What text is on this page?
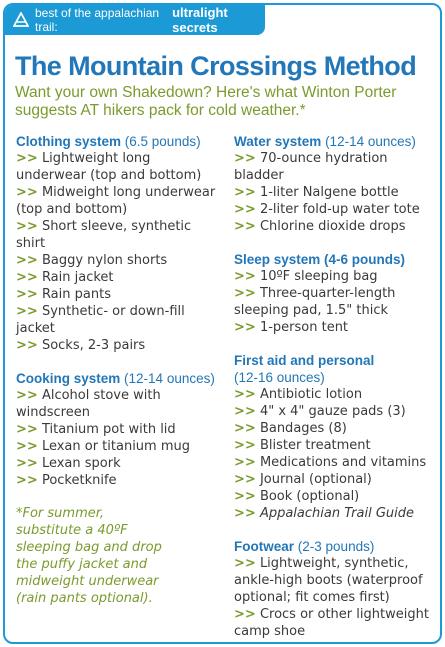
best of the appalachian trail:
ultralight secrets
The Mountain Crossings Method
Want your own Shakedown? Here's what Winton Porter suggests AT hikers pack for cold weather.*
Clothing system (6.5 pounds)
>> Lightweight long underwear (top and bottom)
>> Midweight long underwear (top and bottom)
>> Short sleeve, synthetic shirt
>> Baggy nylon shorts
>> Rain jacket
>> Rain pants
>> Synthetic- or down-fill jacket
>> Socks, 2-3 pairs
Cooking system (12-14 ounces)
>> Alcohol stove with windscreen
>> Titanium pot with lid
>> Lexan or titanium mug
>> Lexan spork
>> Pocketknife
*For summer, substitute a 40ºF sleeping bag and drop the puffy jacket and midweight underwear (rain pants optional).
Water system (12-14 ounces)
>> 70-ounce hydration bladder
>> 1-liter Nalgene bottle
>> 2-liter fold-up water tote
>> Chlorine dioxide drops
Sleep system (4-6 pounds)
>> 10ºF sleeping bag
>> Three-quarter-length sleeping pad, 1.5" thick
>> 1-person tent
First aid and personal
(12-16 ounces)
>> Antibiotic lotion
>> 4" x 4" gauze pads (3)
>> Bandages (8)
>> Blister treatment
>> Medications and vitamins
>> Journal (optional)
>> Book (optional)
>> Appalachian Trail Guide
Footwear (2-3 pounds)
>> Lightweight, synthetic, ankle-high boots (waterproof optional; fit comes first)
>> Crocs or other lightweight camp shoe
